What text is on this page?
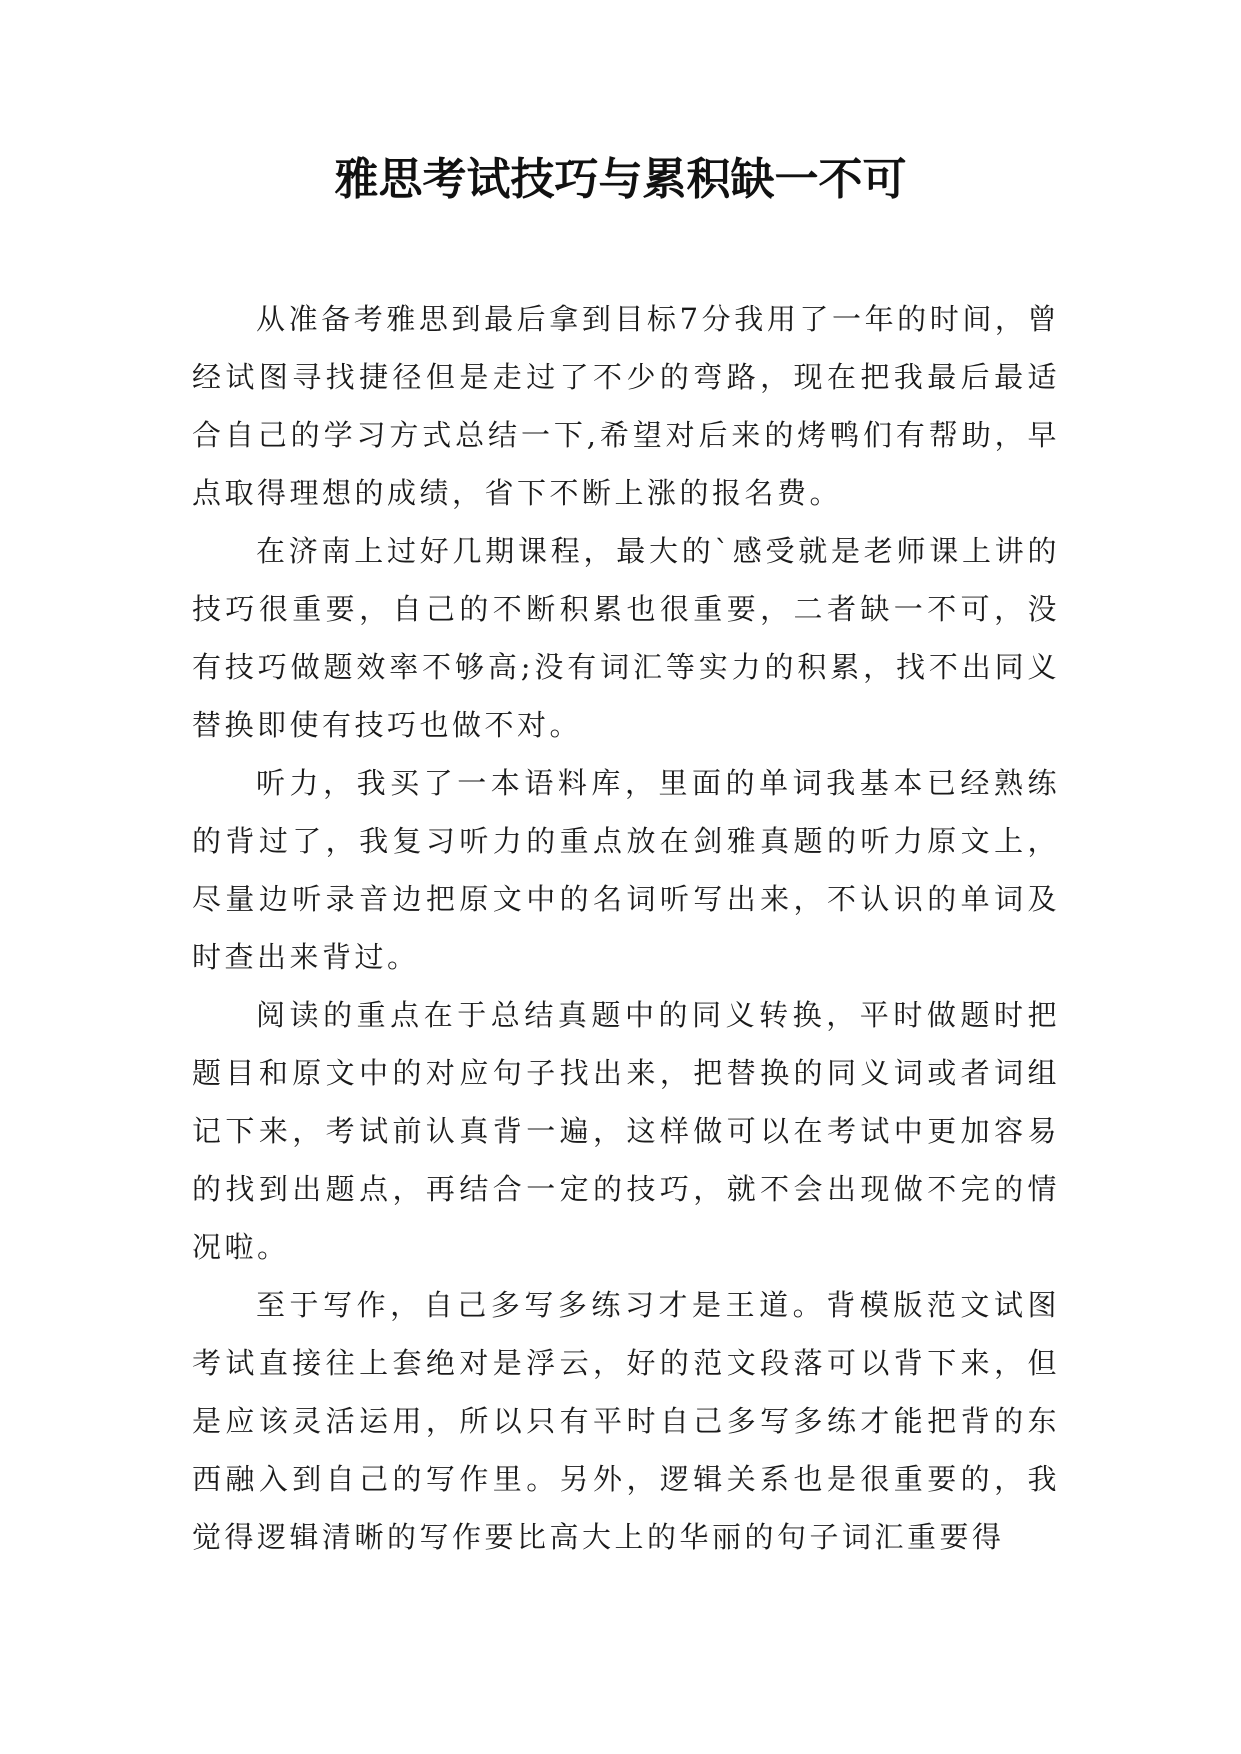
雅思考试技巧与累积缺一不可

从准备考雅思到最后拿到目标7分我用了一年的时间，曾经试图寻找捷径但是走过了不少的弯路，现在把我最后最适合自己的学习方式总结一下,希望对后来的烤鸭们有帮助，早点取得理想的成绩，省下不断上涨的报名费。

在济南上过好几期课程，最大的`感受就是老师课上讲的技巧很重要，自己的不断积累也很重要，二者缺一不可，没有技巧做题效率不够高;没有词汇等实力的积累，找不出同义替换即使有技巧也做不对。

听力，我买了一本语料库，里面的单词我基本已经熟练的背过了，我复习听力的重点放在剑雅真题的听力原文上，尽量边听录音边把原文中的名词听写出来，不认识的单词及时查出来背过。

阅读的重点在于总结真题中的同义转换，平时做题时把题目和原文中的对应句子找出来，把替换的同义词或者词组记下来，考试前认真背一遍，这样做可以在考试中更加容易的找到出题点，再结合一定的技巧，就不会出现做不完的情况啦。

至于写作，自己多写多练习才是王道。背模版范文试图考试直接往上套绝对是浮云，好的范文段落可以背下来，但是应该灵活运用，所以只有平时自己多写多练才能把背的东西融入到自己的写作里。另外，逻辑关系也是很重要的，我觉得逻辑清晰的写作要比高大上的华丽的句子词汇重要得
